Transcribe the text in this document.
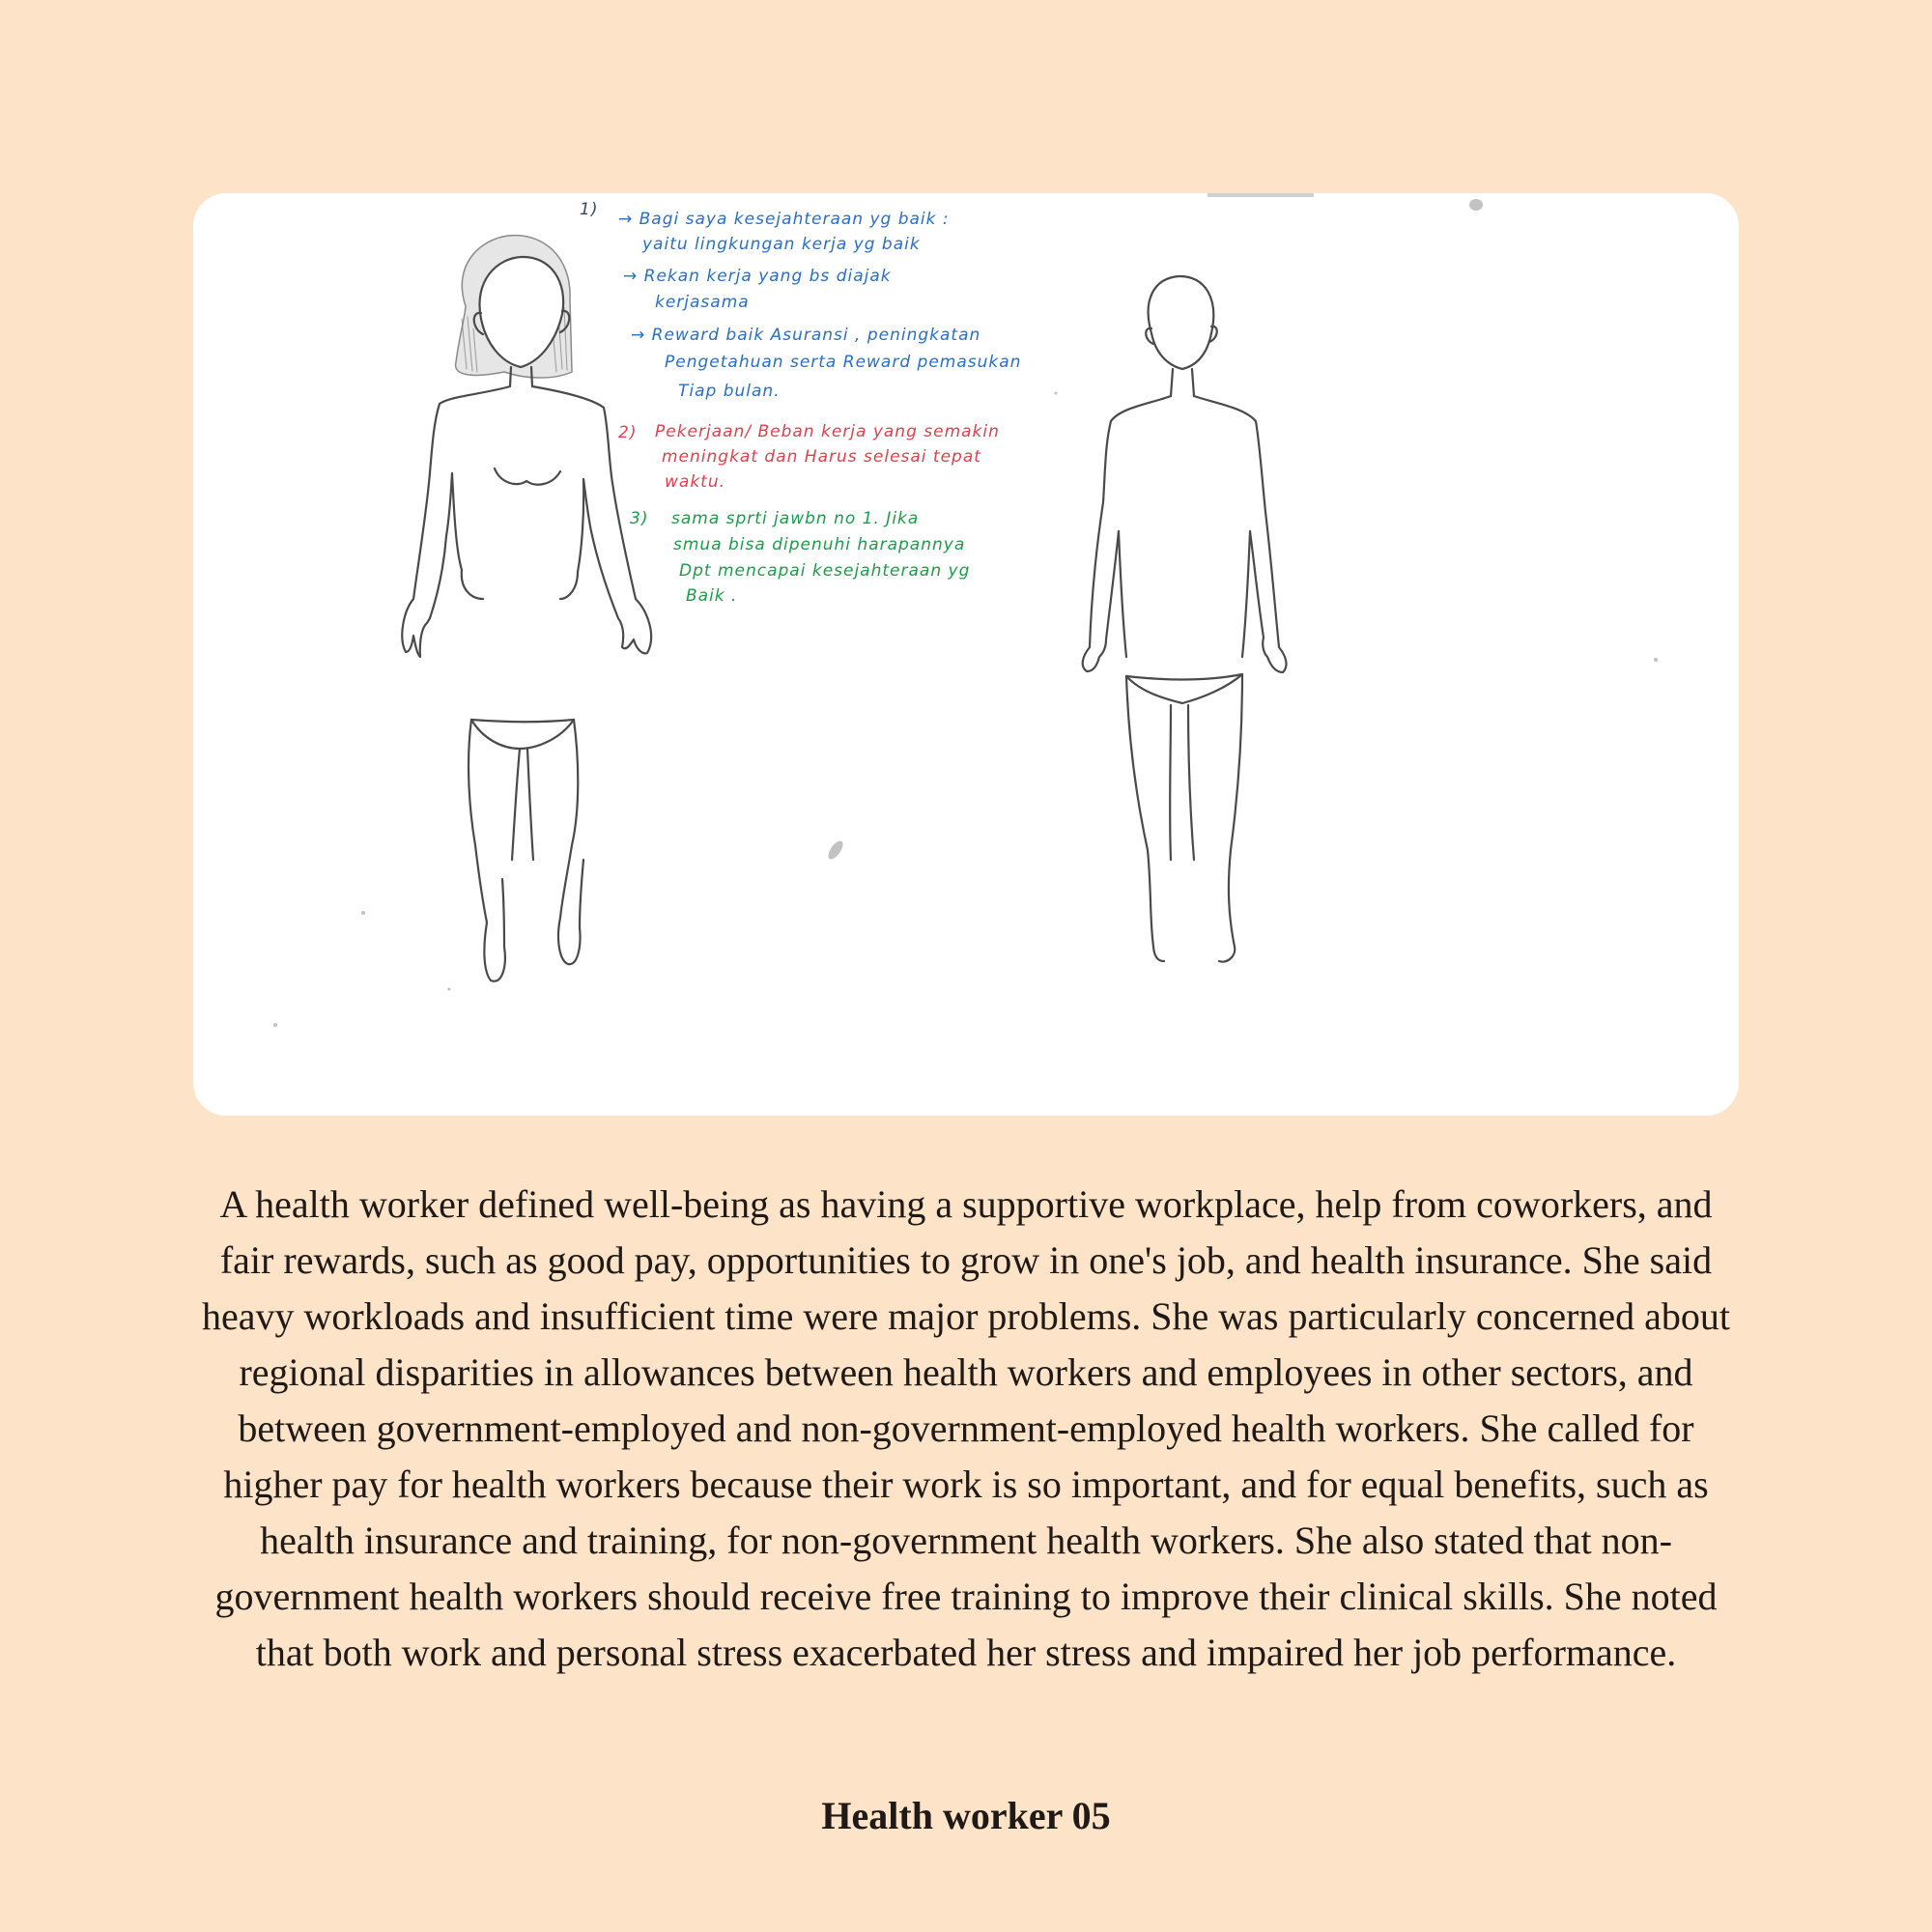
1) → Bagi saya kesejahteraan yg baik :
yaitu lingkungan kerja yg baik
→ Rekan kerja yang bs diajak
kerjasama
→ Reward baik Asuransi , peningkatan
Pengetahuan serta Reward pemasukan
Tiap bulan.
2) Pekerjaan/ Beban kerja yang semakin
meningkat dan Harus selesai tepat
waktu.
3) sama sprti jawbn no 1. Jika
smua bisa dipenuhi harapannya
Dpt mencapai kesejahteraan yg
Baik .

A health worker defined well-being as having a supportive workplace, help from coworkers, and fair rewards, such as good pay, opportunities to grow in one's job, and health insurance. She said heavy workloads and insufficient time were major problems. She was particularly concerned about regional disparities in allowances between health workers and employees in other sectors, and between government-employed and non-government-employed health workers. She called for higher pay for health workers because their work is so important, and for equal benefits, such as health insurance and training, for non-government health workers. She also stated that non-government health workers should receive free training to improve their clinical skills. She noted that both work and personal stress exacerbated her stress and impaired her job performance.

Health worker 05
